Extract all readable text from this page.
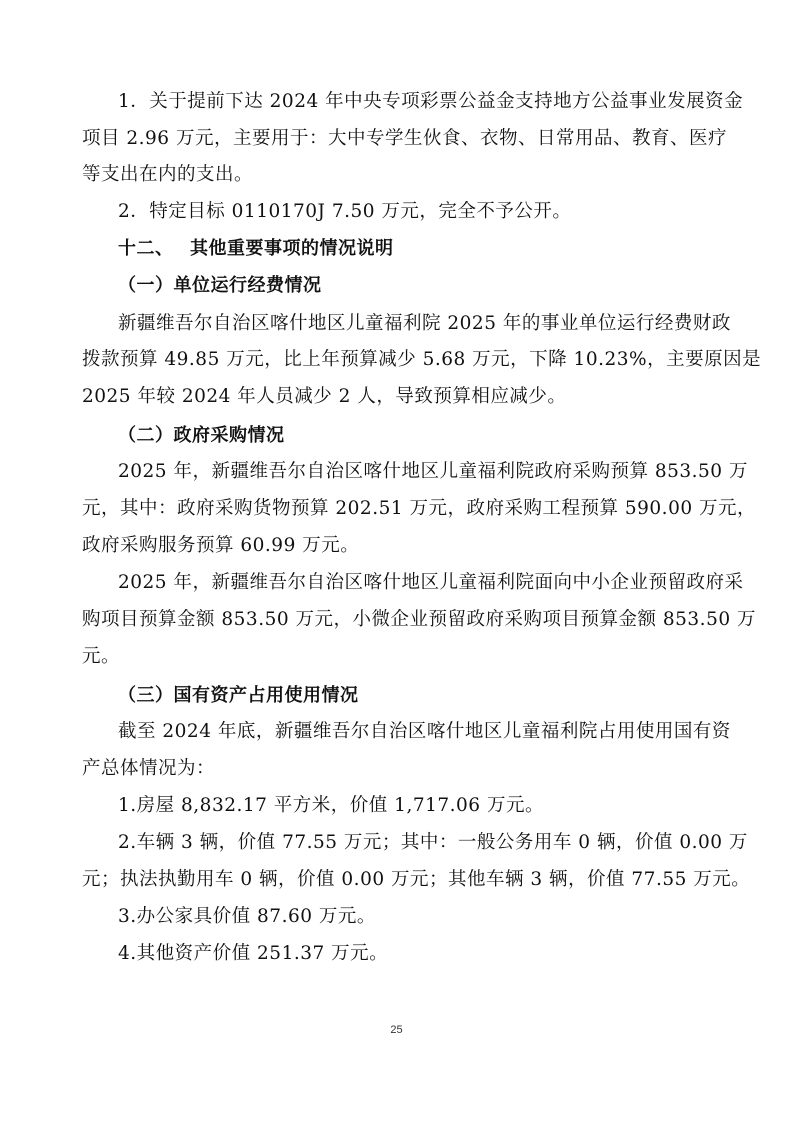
1．关于提前下达 2024 年中央专项彩票公益金支持地方公益事业发展资金
项目 2.96 万元，主要用于：大中专学生伙食、衣物、日常用品、教育、医疗
等支出在内的支出。
2．特定目标 0110170J 7.50 万元，完全不予公开。
十二、 其他重要事项的情况说明
（一）单位运行经费情况
新疆维吾尔自治区喀什地区儿童福利院 2025 年的事业单位运行经费财政
拨款预算 49.85 万元，比上年预算减少 5.68 万元，下降 10.23%，主要原因是
2025 年较 2024 年人员减少 2 人，导致预算相应减少。
（二）政府采购情况
2025 年，新疆维吾尔自治区喀什地区儿童福利院政府采购预算 853.50 万
元，其中：政府采购货物预算 202.51 万元，政府采购工程预算 590.00 万元，
政府采购服务预算 60.99 万元。
2025 年，新疆维吾尔自治区喀什地区儿童福利院面向中小企业预留政府采
购项目预算金额 853.50 万元，小微企业预留政府采购项目预算金额 853.50 万
元。
（三）国有资产占用使用情况
截至 2024 年底，新疆维吾尔自治区喀什地区儿童福利院占用使用国有资
产总体情况为：
1.房屋 8,832.17 平方米，价值 1,717.06 万元。
2.车辆 3 辆，价值 77.55 万元；其中：一般公务用车 0 辆，价值 0.00 万
元；执法执勤用车 0 辆，价值 0.00 万元；其他车辆 3 辆，价值 77.55 万元。
3.办公家具价值 87.60 万元。
4.其他资产价值 251.37 万元。
25
